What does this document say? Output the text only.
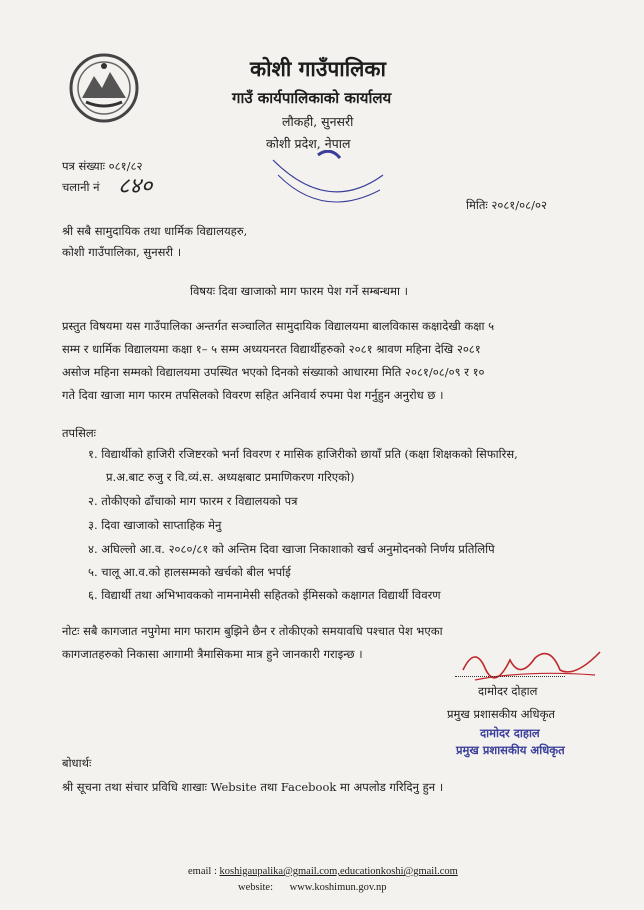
कोशी गाउँपालिका
गाउँ कार्यपालिकाको कार्यालय
लौकही, सुनसरी
कोशी प्रदेश, नेपाल
पत्र संख्याः ०८१/८२
चलानी नं ८४०
मितिः २०८१/०८/०२
श्री सबै सामुदायिक तथा धार्मिक विद्यालयहरु,
कोशी गाउँपालिका, सुनसरी ।
विषयः दिवा खाजाको माग फारम पेश गर्ने सम्बन्धमा ।
प्रस्तुत विषयमा यस गाउँपालिका अन्तर्गत सञ्चालित सामुदायिक विद्यालयमा बालविकास कक्षादेखी कक्षा ५
सम्म र धार्मिक विद्यालयमा कक्षा १– ५ सम्म अध्ययनरत विद्यार्थीहरुको २०८१ श्रावण महिना देखि २०८१
असोज महिना सम्मको विद्यालयमा उपस्थित भएको दिनको संख्याको आधारमा मिति २०८१/०८/०९ र १०
गते दिवा खाजा माग फारम तपसिलको विवरण सहित अनिवार्य रुपमा पेश गर्नुहुन अनुरोध छ ।
तपसिलः
१. विद्यार्थीको हाजिरी रजिष्टरको भर्ना विवरण र मासिक हाजिरीको छायाँ प्रति (कक्षा शिक्षकको सिफारिस,
प्र.अ.बाट रुजु र वि.व्यं.स. अध्यक्षबाट प्रमाणिकरण गरिएको)
२. तोकीएको ढाँचाको माग फारम र विद्यालयको पत्र
३. दिवा खाजाको साप्ताहिक मेनु
४. अघिल्लो आ.व. २०८०/८१ को अन्तिम दिवा खाजा निकाशाको खर्च अनुमोदनको निर्णय प्रतिलिपि
५. चालू आ.व.को हालसम्मको खर्चको बील भर्पाई
६. विद्यार्थी तथा अभिभावकको नामनामेसी सहितको ईमिसको कक्षागत विद्यार्थी विवरण
नोटः सबै कागजात नपुगेमा माग फाराम बुझिने छैन र तोकीएको समयावधि पश्चात पेश भएका
कागजातहरुको निकासा आगामी त्रैमासिकमा मात्र हुने जानकारी गराइन्छ ।
दामोदर दोहाल
प्रमुख प्रशासकीय अधिकृत
दामोदर दाहाल
प्रमुख प्रशासकीय अधिकृत
बोधार्थः
श्री सूचना तथा संचार प्रविधि शाखाः Website तथा Facebook मा अपलोड गरिदिनु हुन ।
email : koshigaupalika@gmail.com,educationkoshi@gmail.com
website: www.koshimun.gov.np
